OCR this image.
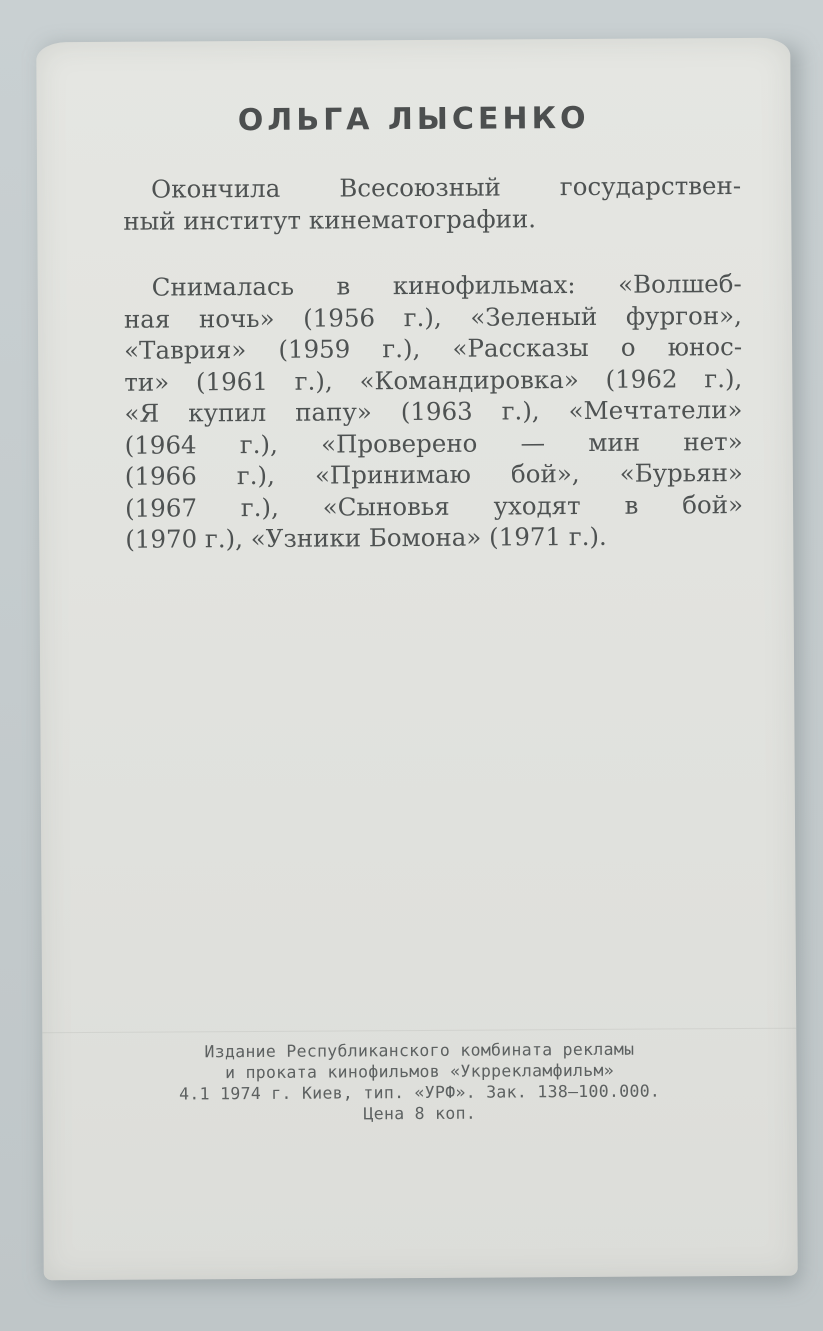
ОЛЬГА ЛЫСЕНКО
Окончила Всесоюзный государствен-
ный институт кинематографии.
Снималась в кинофильмах: «Волшеб-
ная ночь» (1956 г.), «Зеленый фургон»,
«Таврия» (1959 г.), «Рассказы о юнос-
ти» (1961 г.), «Командировка» (1962 г.),
«Я купил папу» (1963 г.), «Мечтатели»
(1964 г.), «Проверено — мин нет»
(1966 г.), «Принимаю бой», «Бурьян»
(1967 г.), «Сыновья уходят в бой»
(1970 г.), «Узники Бомона» (1971 г.).
Издание Республиканского комбината рекламы
и проката кинофильмов «Укррекламфильм»
4.1 1974 г. Киев, тип. «УРФ». Зак. 138—100.000.
Цена 8 коп.
